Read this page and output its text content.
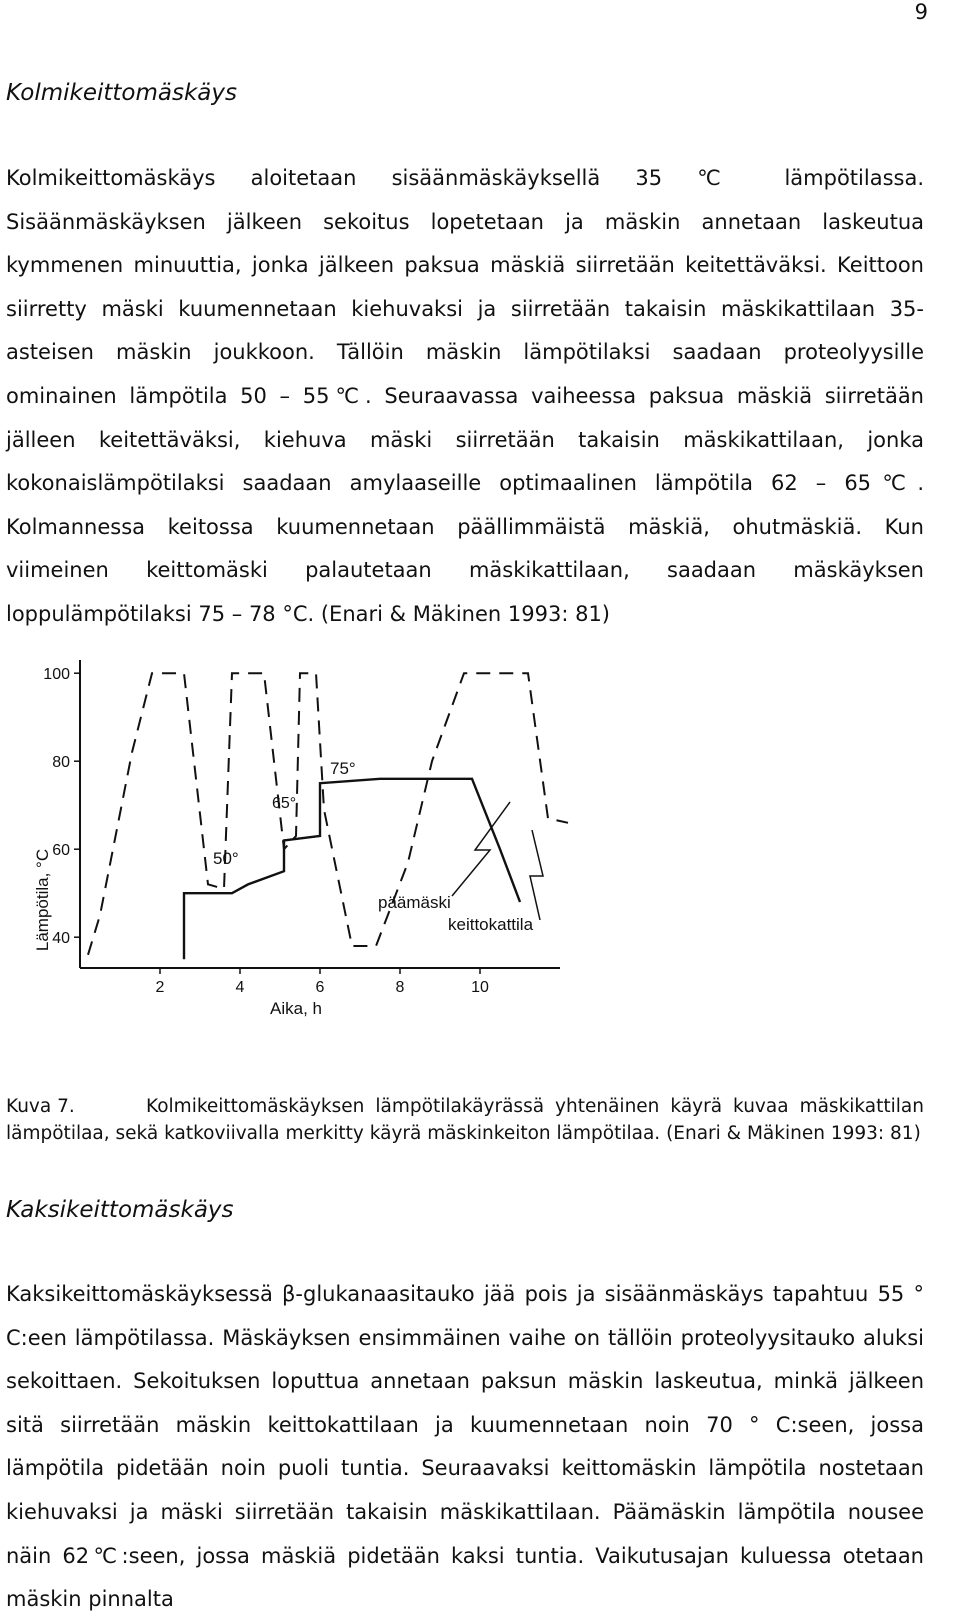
9
Kolmikeittomäskäys

Kolmikeittomäskäys aloitetaan sisäänmäskäyksellä 35 ℃ lämpötilassa. Sisäänmäskäyksen jälkeen sekoitus lopetetaan ja mäskin annetaan laskeutua kymmenen minuuttia, jonka jälkeen paksua mäskiä siirretään keitettäväksi. Keittoon siirretty mäski kuumennetaan kiehuvaksi ja siirretään takaisin mäskikattilaan 35-asteisen mäskin joukkoon. Tällöin mäskin lämpötilaksi saadaan proteolyysille ominainen lämpötila 50 – 55℃. Seuraavassa vaiheessa paksua mäskiä siirretään jälleen keitettäväksi, kiehuva mäski siirretään takaisin mäskikattilaan, jonka kokonaislämpötilaksi saadaan amylaaseille optimaalinen lämpötila 62 – 65℃. Kolmannessa keitossa kuumennetaan päällimmäistä mäskiä, ohutmäskiä. Kun viimeinen keittomäski palautetaan mäskikattilaan, saadaan mäskäyksen loppulämpötilaksi 75 – 78 °C. (Enari & Mäkinen 1993: 81)

40
60
80
100
2	4	6	8	10
Lämpötila, °C
Aika, h
50°
65°
75°
päämäski
keittokattila

Kuva 7.	Kolmikeittomäskäyksen lämpötilakäyrässä yhtenäinen käyrä kuvaa mäskikattilan lämpötilaa, sekä katkoviivalla merkitty käyrä mäskinkeiton lämpötilaa. (Enari & Mäkinen 1993: 81)

Kaksikeittomäskäys

Kaksikeittomäskäyksessä β-glukanaasitauko jää pois ja sisäänmäskäys tapahtuu 55 ° C:een lämpötilassa. Mäskäyksen ensimmäinen vaihe on tällöin proteolyysitauko aluksi sekoittaen. Sekoituksen loputtua annetaan paksun mäskin laskeutua, minkä jälkeen sitä siirretään mäskin keittokattilaan ja kuumennetaan noin 70 ° C:seen, jossa lämpötila pidetään noin puoli tuntia. Seuraavaksi keittomäskin lämpötila nostetaan kiehuvaksi ja mäski siirretään takaisin mäskikattilaan. Päämäskin lämpötila nousee näin 62℃:seen, jossa mäskiä pidetään kaksi tuntia. Vaikutusajan kuluessa otetaan mäskin pinnalta
